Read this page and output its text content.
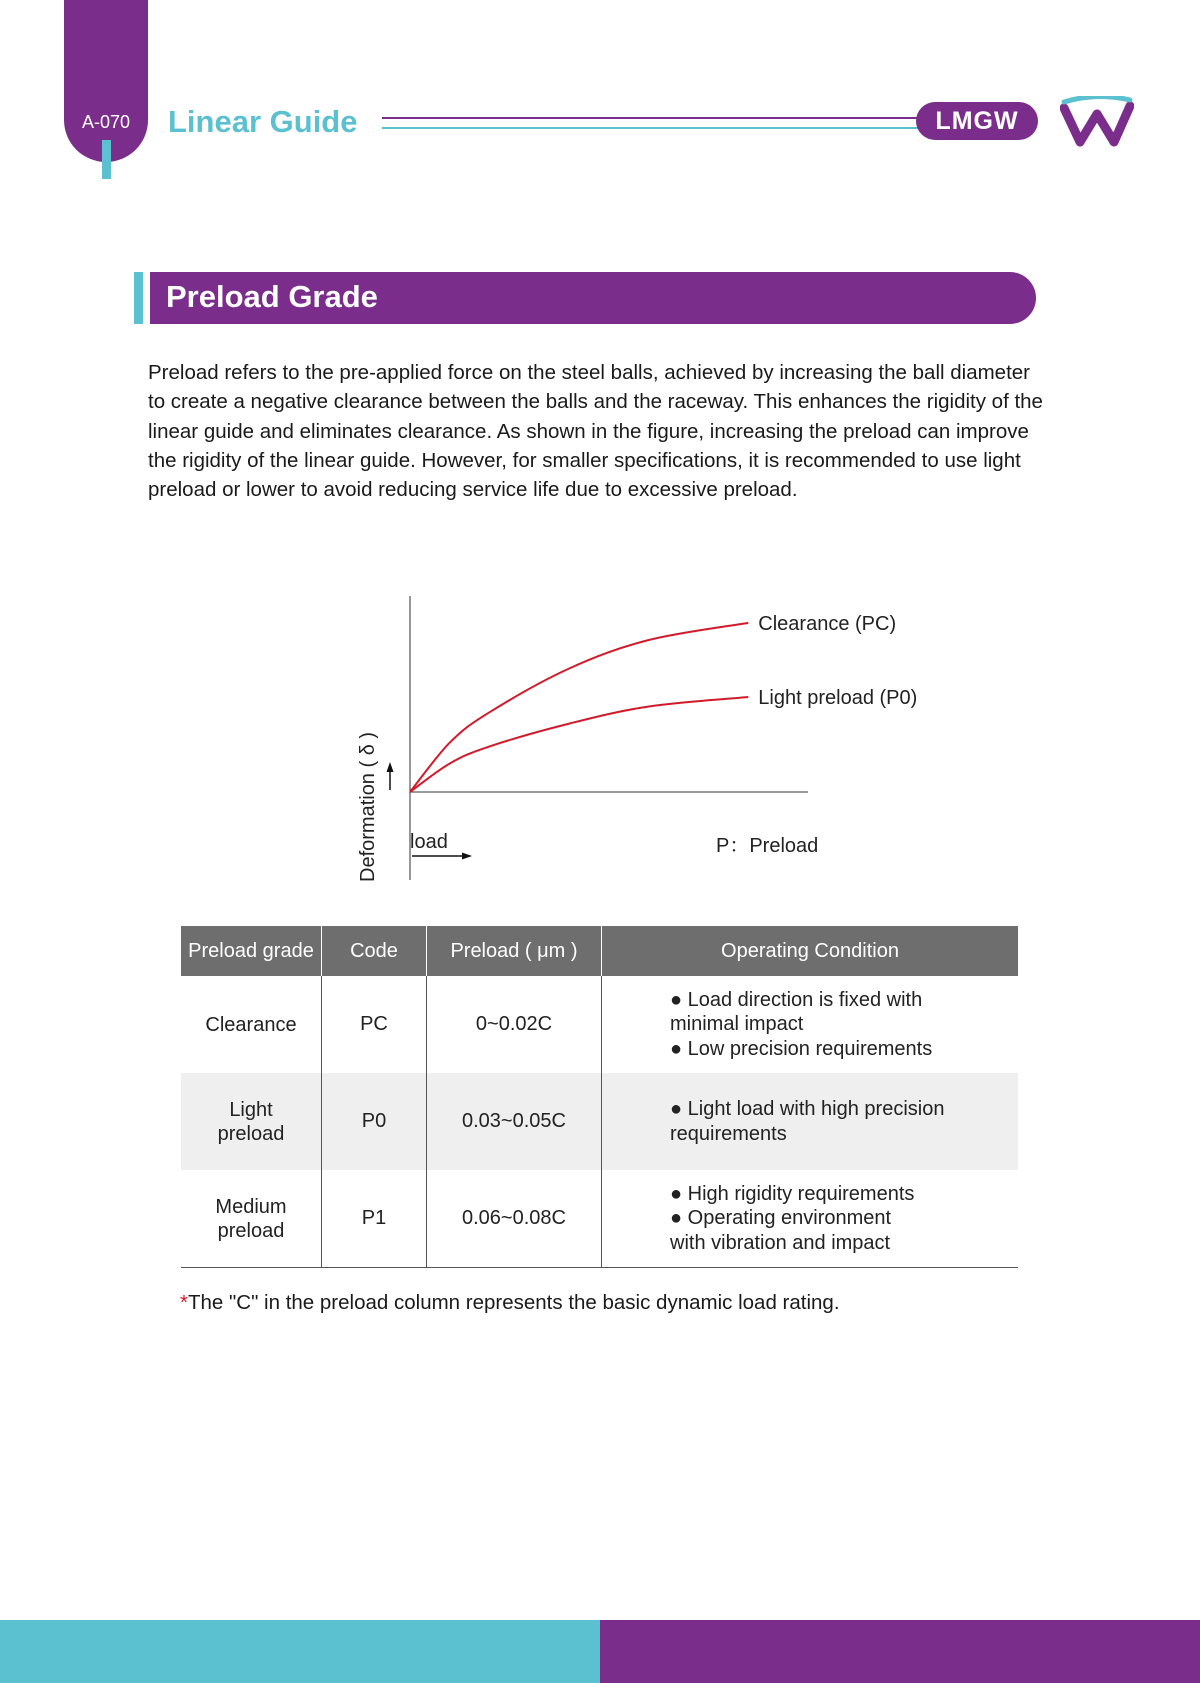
A-070	Linear Guide	LMGW
Preload Grade
Preload refers to the pre-applied force on the steel balls, achieved by increasing the ball diameter to create a negative clearance between the balls and the raceway. This enhances the rigidity of the linear guide and eliminates clearance. As shown in the figure, increasing the preload can improve the rigidity of the linear guide. However, for smaller specifications, it is recommended to use light preload or lower to avoid reducing service life due to excessive preload.
Deformation ( δ ) load	P：Preload
Clearance (PC)
Light preload (P0)
Preload grade	Code	Preload ( μm )	Operating Condition

Clearance	PC	0~0.02C	● Load direction is fixed with
minimal impact
● Low precision requirements

Light
preload	P0	0.03~0.05C	● Light load with high precision
requirements

Medium
preload	P1	0.06~0.08C	● High rigidity requirements
● Operating environment
with vibration and impact
*The "C" in the preload column represents the basic dynamic load rating.
